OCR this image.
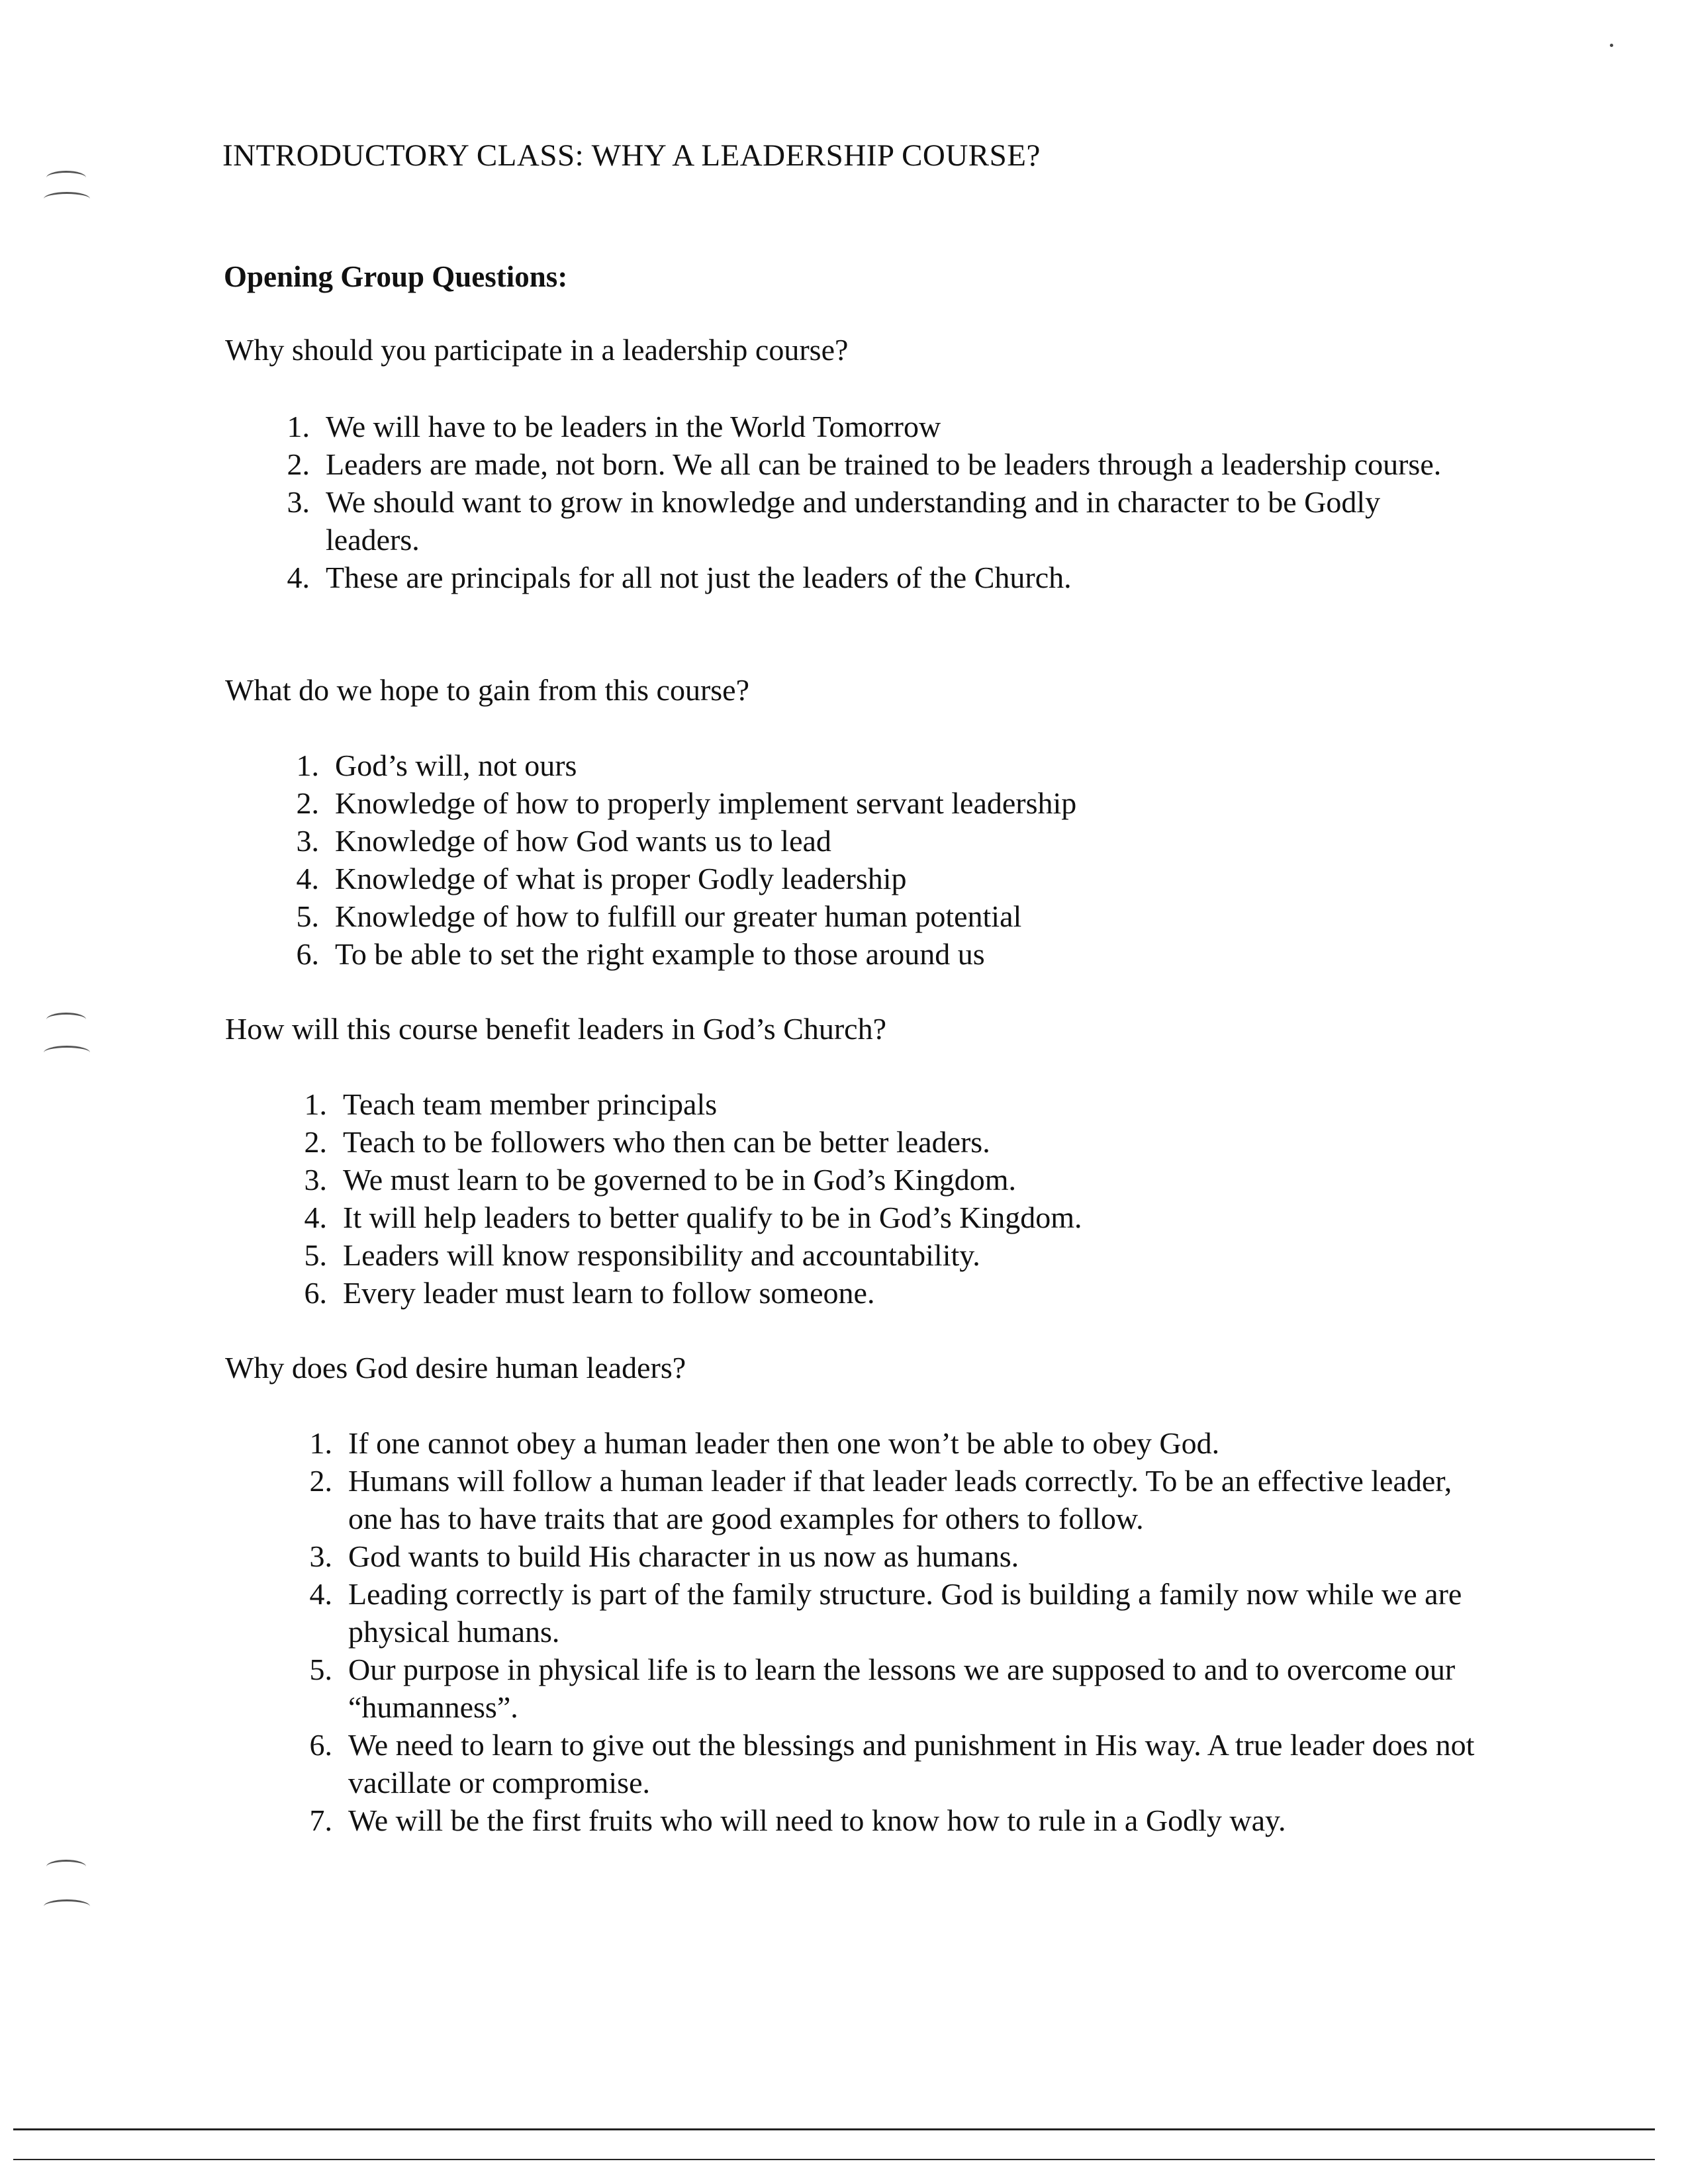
INTRODUCTORY CLASS: WHY A LEADERSHIP COURSE?
Opening Group Questions:
Why should you participate in a leadership course?
1. We will have to be leaders in the World Tomorrow
2. Leaders are made, not born. We all can be trained to be leaders through a leadership course.
3. We should want to grow in knowledge and understanding and in character to be Godly leaders.
4. These are principals for all not just the leaders of the Church.
What do we hope to gain from this course?
1. God’s will, not ours
2. Knowledge of how to properly implement servant leadership
3. Knowledge of how God wants us to lead
4. Knowledge of what is proper Godly leadership
5. Knowledge of how to fulfill our greater human potential
6. To be able to set the right example to those around us
How will this course benefit leaders in God’s Church?
1. Teach team member principals
2. Teach to be followers who then can be better leaders.
3. We must learn to be governed to be in God’s Kingdom.
4. It will help leaders to better qualify to be in God’s Kingdom.
5. Leaders will know responsibility and accountability.
6. Every leader must learn to follow someone.
Why does God desire human leaders?
1. If one cannot obey a human leader then one won’t be able to obey God.
2. Humans will follow a human leader if that leader leads correctly. To be an effective leader, one has to have traits that are good examples for others to follow.
3. God wants to build His character in us now as humans.
4. Leading correctly is part of the family structure. God is building a family now while we are physical humans.
5. Our purpose in physical life is to learn the lessons we are supposed to and to overcome our “humanness”.
6. We need to learn to give out the blessings and punishment in His way. A true leader does not vacillate or compromise.
7. We will be the first fruits who will need to know how to rule in a Godly way.
